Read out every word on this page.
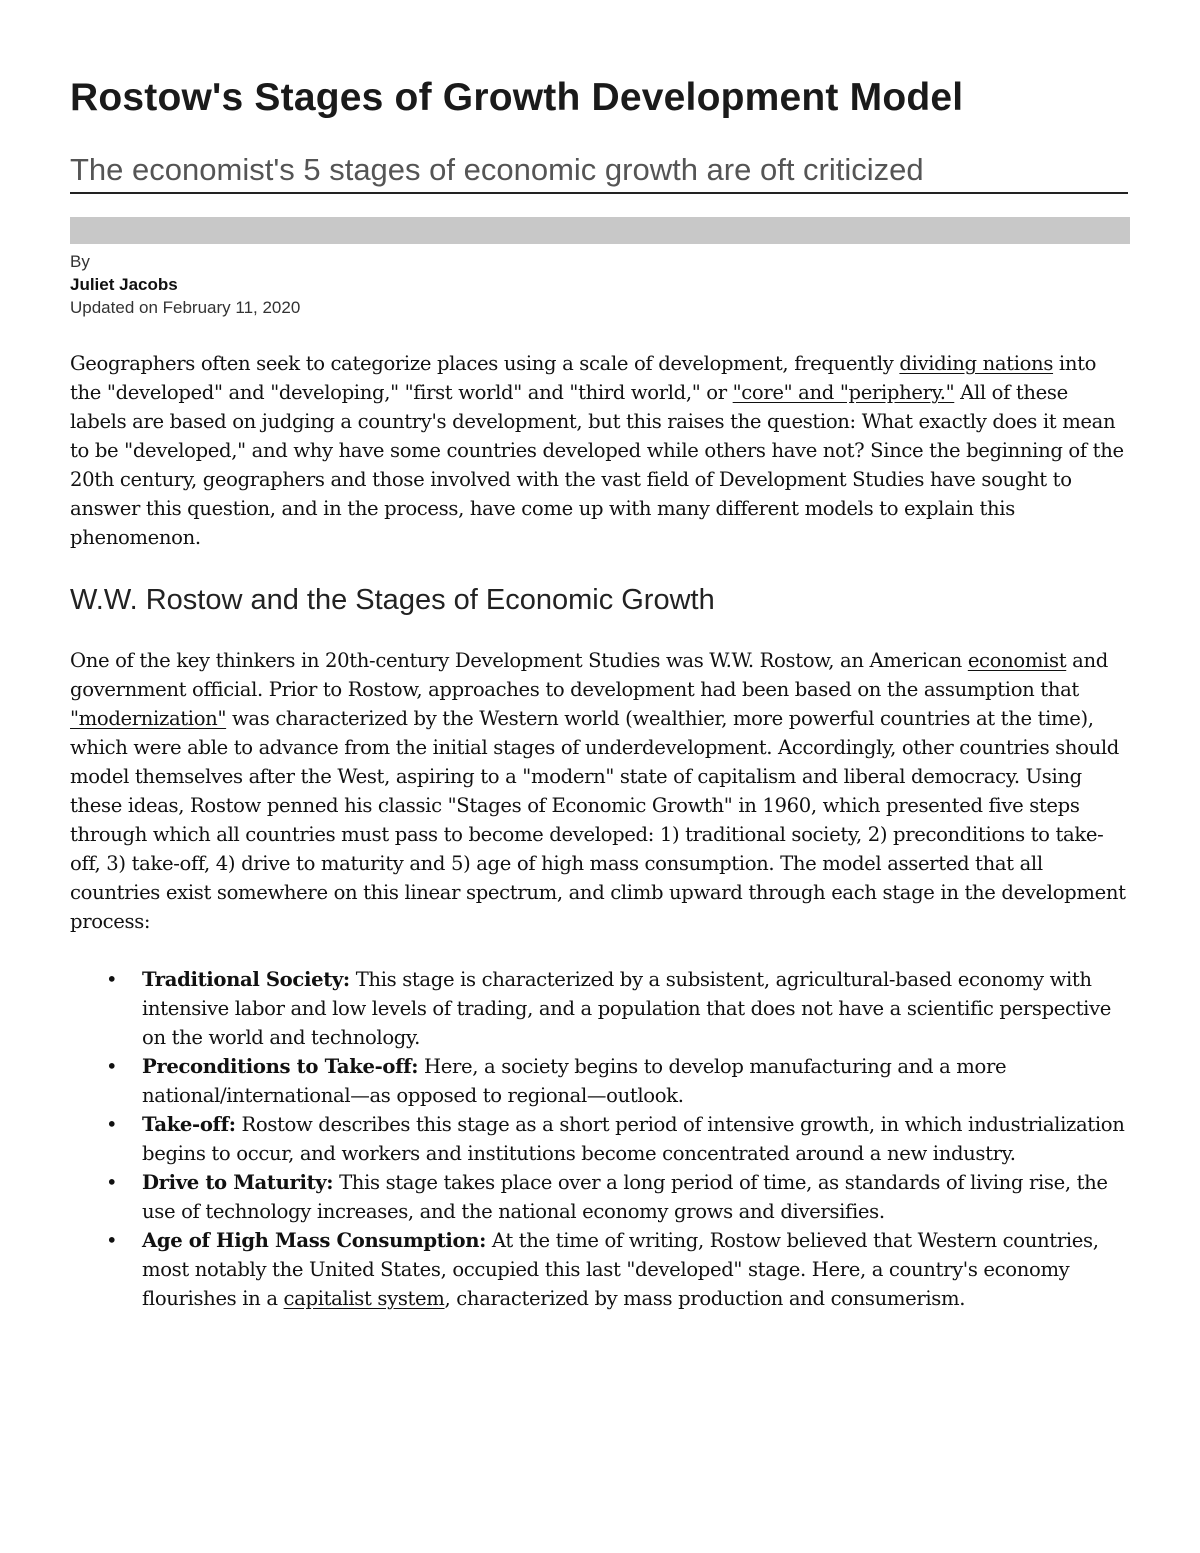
Rostow's Stages of Growth Development Model
The economist's 5 stages of economic growth are oft criticized
By
Juliet Jacobs
Updated on February 11, 2020

Geographers often seek to categorize places using a scale of development, frequently dividing nations into the "developed" and "developing," "first world" and "third world," or "core" and "periphery." All of these labels are based on judging a country's development, but this raises the question: What exactly does it mean to be "developed," and why have some countries developed while others have not? Since the beginning of the 20th century, geographers and those involved with the vast field of Development Studies have sought to answer this question, and in the process, have come up with many different models to explain this phenomenon.

W.W. Rostow and the Stages of Economic Growth

One of the key thinkers in 20th-century Development Studies was W.W. Rostow, an American economist and government official. Prior to Rostow, approaches to development had been based on the assumption that "modernization" was characterized by the Western world (wealthier, more powerful countries at the time), which were able to advance from the initial stages of underdevelopment. Accordingly, other countries should model themselves after the West, aspiring to a "modern" state of capitalism and liberal democracy. Using these ideas, Rostow penned his classic "Stages of Economic Growth" in 1960, which presented five steps through which all countries must pass to become developed: 1) traditional society, 2) preconditions to take-off, 3) take-off, 4) drive to maturity and 5) age of high mass consumption. The model asserted that all countries exist somewhere on this linear spectrum, and climb upward through each stage in the development process:

• Traditional Society: This stage is characterized by a subsistent, agricultural-based economy with intensive labor and low levels of trading, and a population that does not have a scientific perspective on the world and technology.
• Preconditions to Take-off: Here, a society begins to develop manufacturing and a more national/international—as opposed to regional—outlook.
• Take-off: Rostow describes this stage as a short period of intensive growth, in which industrialization begins to occur, and workers and institutions become concentrated around a new industry.
• Drive to Maturity: This stage takes place over a long period of time, as standards of living rise, the use of technology increases, and the national economy grows and diversifies.
• Age of High Mass Consumption: At the time of writing, Rostow believed that Western countries, most notably the United States, occupied this last "developed" stage. Here, a country's economy flourishes in a capitalist system, characterized by mass production and consumerism.
